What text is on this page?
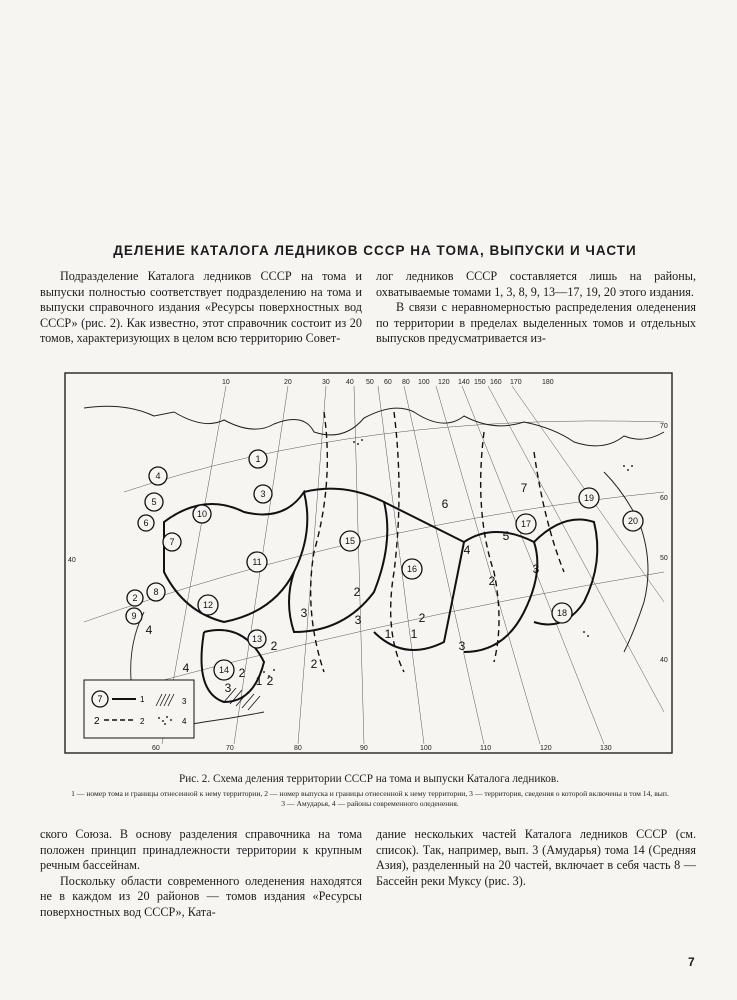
ДЕЛЕНИЕ КАТАЛОГА ЛЕДНИКОВ СССР НА ТОМА, ВЫПУСКИ И ЧАСТИ

Подразделение Каталога ледников СССР на тома и выпуски полностью соответствует подразделению на тома и выпуски справочного издания «Ресурсы поверхностных вод СССР» (рис. 2). Как известно, этот справочник состоит из 20 томов, характеризующих в целом всю территорию Совет-

лог ледников СССР составляется лишь на районы, охватываемые томами 1, 3, 8, 9, 13—17, 19, 20 этого издания.

В связи с неравномерностью распределения оледенения по территории в пределах выделенных томов и отдельных выпусков предусматривается из-

10	20	30 40 50 60 80 100 120 140 150 160 170	180
60	70	80	90	100	110	120	130
40
70
60
50
40
1
2
3
4
5
6
7
8
9
10
11
12
13
14
15
16
17
18
19
20
7
6
4
5
2
3
3
2
3
2
1
2
1
2
4
3
2
1 2
3
4
7	1
2	2
3
4

Рис. 2. Схема деления территории СССР на тома и выпуски Каталога ледников.

1 — номер тома и границы отнесенной к нему территории, 2 — номер выпуска и границы отнесенной к нему территории, 3 — территория, сведения о которой включены в том 14, вып. 3 — Амударья, 4 — районы современного оледенения.

ского Союза. В основу разделения справочника на тома положен принцип принадлежности территории к крупным речным бассейнам.

Поскольку области современного оледенения находятся не в каждом из 20 районов — томов издания «Ресурсы поверхностных вод СССР», Ката-

дание нескольких частей Каталога ледников СССР (см. список). Так, например, вып. 3 (Амударья) тома 14 (Средняя Азия), разделенный на 20 частей, включает в себя часть 8 — Бассейн реки Муксу (рис. 3).

7
